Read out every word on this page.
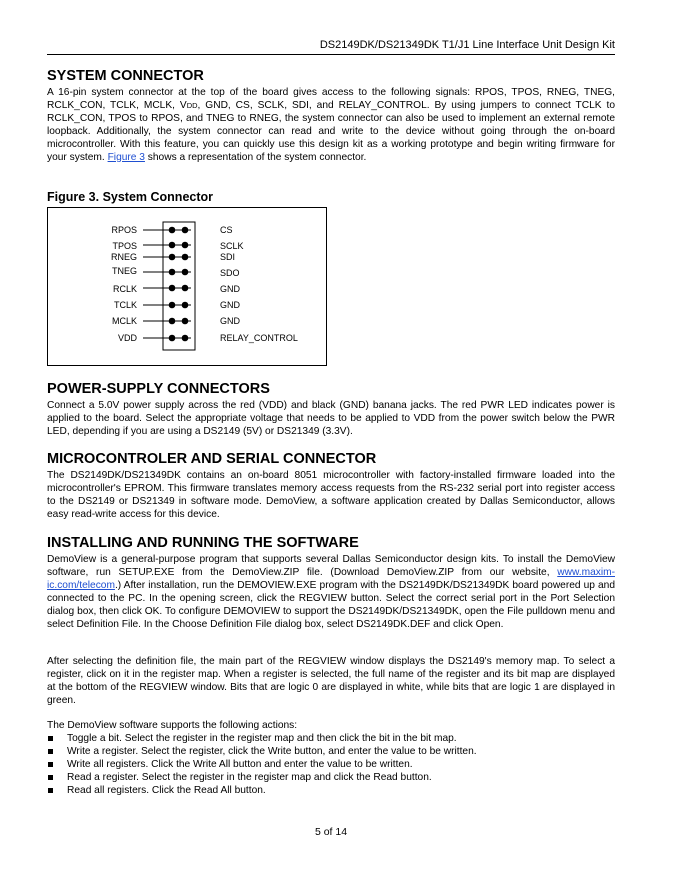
DS2149DK/DS21349DK T1/J1 Line Interface Unit Design Kit
SYSTEM CONNECTOR

A 16-pin system connector at the top of the board gives access to the following signals: RPOS, TPOS, RNEG, TNEG, RCLK_CON, TCLK, MCLK, VDD, GND, CS, SCLK, SDI, and RELAY_CONTROL. By using jumpers to connect TCLK to RCLK_CON, TPOS to RPOS, and TNEG to RNEG, the system connector can also be used to implement an external remote loopback. Additionally, the system connector can read and write to the device without going through the on-board microcontroller. With this feature, you can quickly use this design kit as a working prototype and begin writing firmware for your system. Figure 3 shows a representation of the system connector.

Figure 3. System Connector
RPOS
TPOS
RNEG
TNEG
RCLK
TCLK
MCLK
VDD
CS
SCLK
SDI
SDO
GND
GND
GND
RELAY_CONTROL
POWER-SUPPLY CONNECTORS

Connect a 5.0V power supply across the red (VDD) and black (GND) banana jacks. The red PWR LED indicates power is applied to the board. Select the appropriate voltage that needs to be applied to VDD from the power switch below the PWR LED, depending if you are using a DS2149 (5V) or DS21349 (3.3V).

MICROCONTROLER AND SERIAL CONNECTOR

The DS2149DK/DS21349DK contains an on-board 8051 microcontroller with factory-installed firmware loaded into the microcontroller's EPROM. This firmware translates memory access requests from the RS-232 serial port into register access to the DS2149 or DS21349 in software mode. DemoView, a software application created by Dallas Semiconductor, allows easy read-write access for this device.

INSTALLING AND RUNNING THE SOFTWARE

DemoView is a general-purpose program that supports several Dallas Semiconductor design kits. To install the DemoView software, run SETUP.EXE from the DemoView.ZIP file. (Download DemoView.ZIP from our website, www.maxim-ic.com/telecom.) After installation, run the DEMOVIEW.EXE program with the DS2149DK/DS21349DK board powered up and connected to the PC. In the opening screen, click the REGVIEW button. Select the correct serial port in the Port Selection dialog box, then click OK. To configure DEMOVIEW to support the DS2149DK/DS21349DK, open the File pulldown menu and select Definition File. In the Choose Definition File dialog box, select DS2149DK.DEF and click Open.

After selecting the definition file, the main part of the REGVIEW window displays the DS2149's memory map. To select a register, click on it in the register map. When a register is selected, the full name of the register and its bit map are displayed at the bottom of the REGVIEW window. Bits that are logic 0 are displayed in white, while bits that are logic 1 are displayed in green.

The DemoView software supports the following actions:

Toggle a bit. Select the register in the register map and then click the bit in the bit map.
Write a register. Select the register, click the Write button, and enter the value to be written.
Write all registers. Click the Write All button and enter the value to be written.
Read a register. Select the register in the register map and click the Read button.
Read all registers. Click the Read All button.
5 of 14
